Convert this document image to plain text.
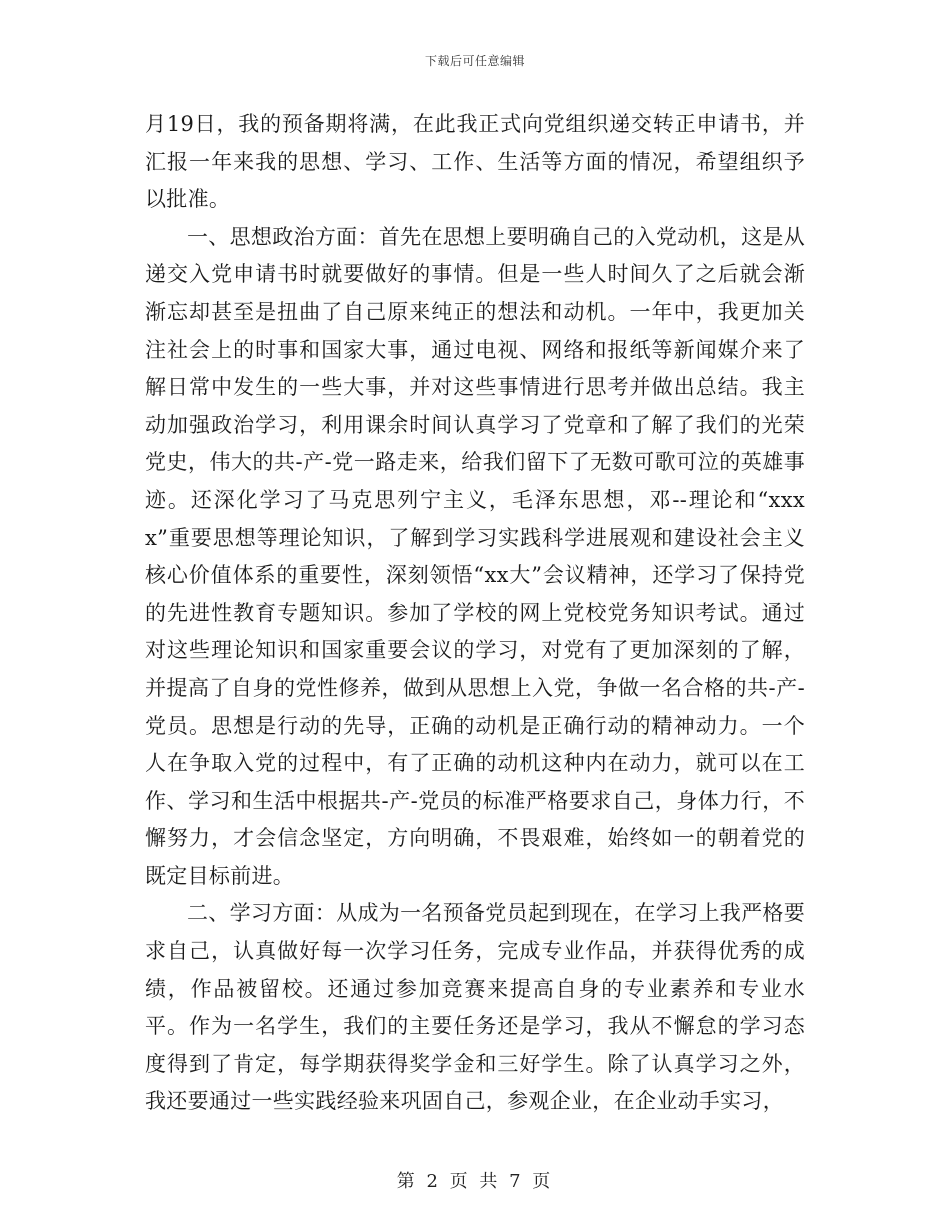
下载后可任意编辑

月19日，我的预备期将满，在此我正式向党组织递交转正申请书，并汇报一年来我的思想、学习、工作、生活等方面的情况，希望组织予以批准。

一、思想政治方面：首先在思想上要明确自己的入党动机，这是从递交入党申请书时就要做好的事情。但是一些人时间久了之后就会渐渐忘却甚至是扭曲了自己原来纯正的想法和动机。一年中，我更加关注社会上的时事和国家大事，通过电视、网络和报纸等新闻媒介来了解日常中发生的一些大事，并对这些事情进行思考并做出总结。我主动加强政治学习，利用课余时间认真学习了党章和了解了我们的光荣党史，伟大的共-产-党一路走来，给我们留下了无数可歌可泣的英雄事迹。还深化学习了马克思列宁主义，毛泽东思想，邓--理论和“xxxx”重要思想等理论知识，了解到学习实践科学进展观和建设社会主义核心价值体系的重要性，深刻领悟“xx大”会议精神，还学习了保持党的先进性教育专题知识。参加了学校的网上党校党务知识考试。通过对这些理论知识和国家重要会议的学习，对党有了更加深刻的了解，并提高了自身的党性修养，做到从思想上入党，争做一名合格的共-产-党员。思想是行动的先导，正确的动机是正确行动的精神动力。一个人在争取入党的过程中，有了正确的动机这种内在动力，就可以在工作、学习和生活中根据共-产-党员的标准严格要求自己，身体力行，不懈努力，才会信念坚定，方向明确，不畏艰难，始终如一的朝着党的既定目标前进。

二、学习方面：从成为一名预备党员起到现在，在学习上我严格要求自己，认真做好每一次学习任务，完成专业作品，并获得优秀的成绩，作品被留校。还通过参加竞赛来提高自身的专业素养和专业水平。作为一名学生，我们的主要任务还是学习，我从不懈怠的学习态度得到了肯定，每学期获得奖学金和三好学生。除了认真学习之外，我还要通过一些实践经验来巩固自己，参观企业，在企业动手实习，

第 2 页 共 7 页
